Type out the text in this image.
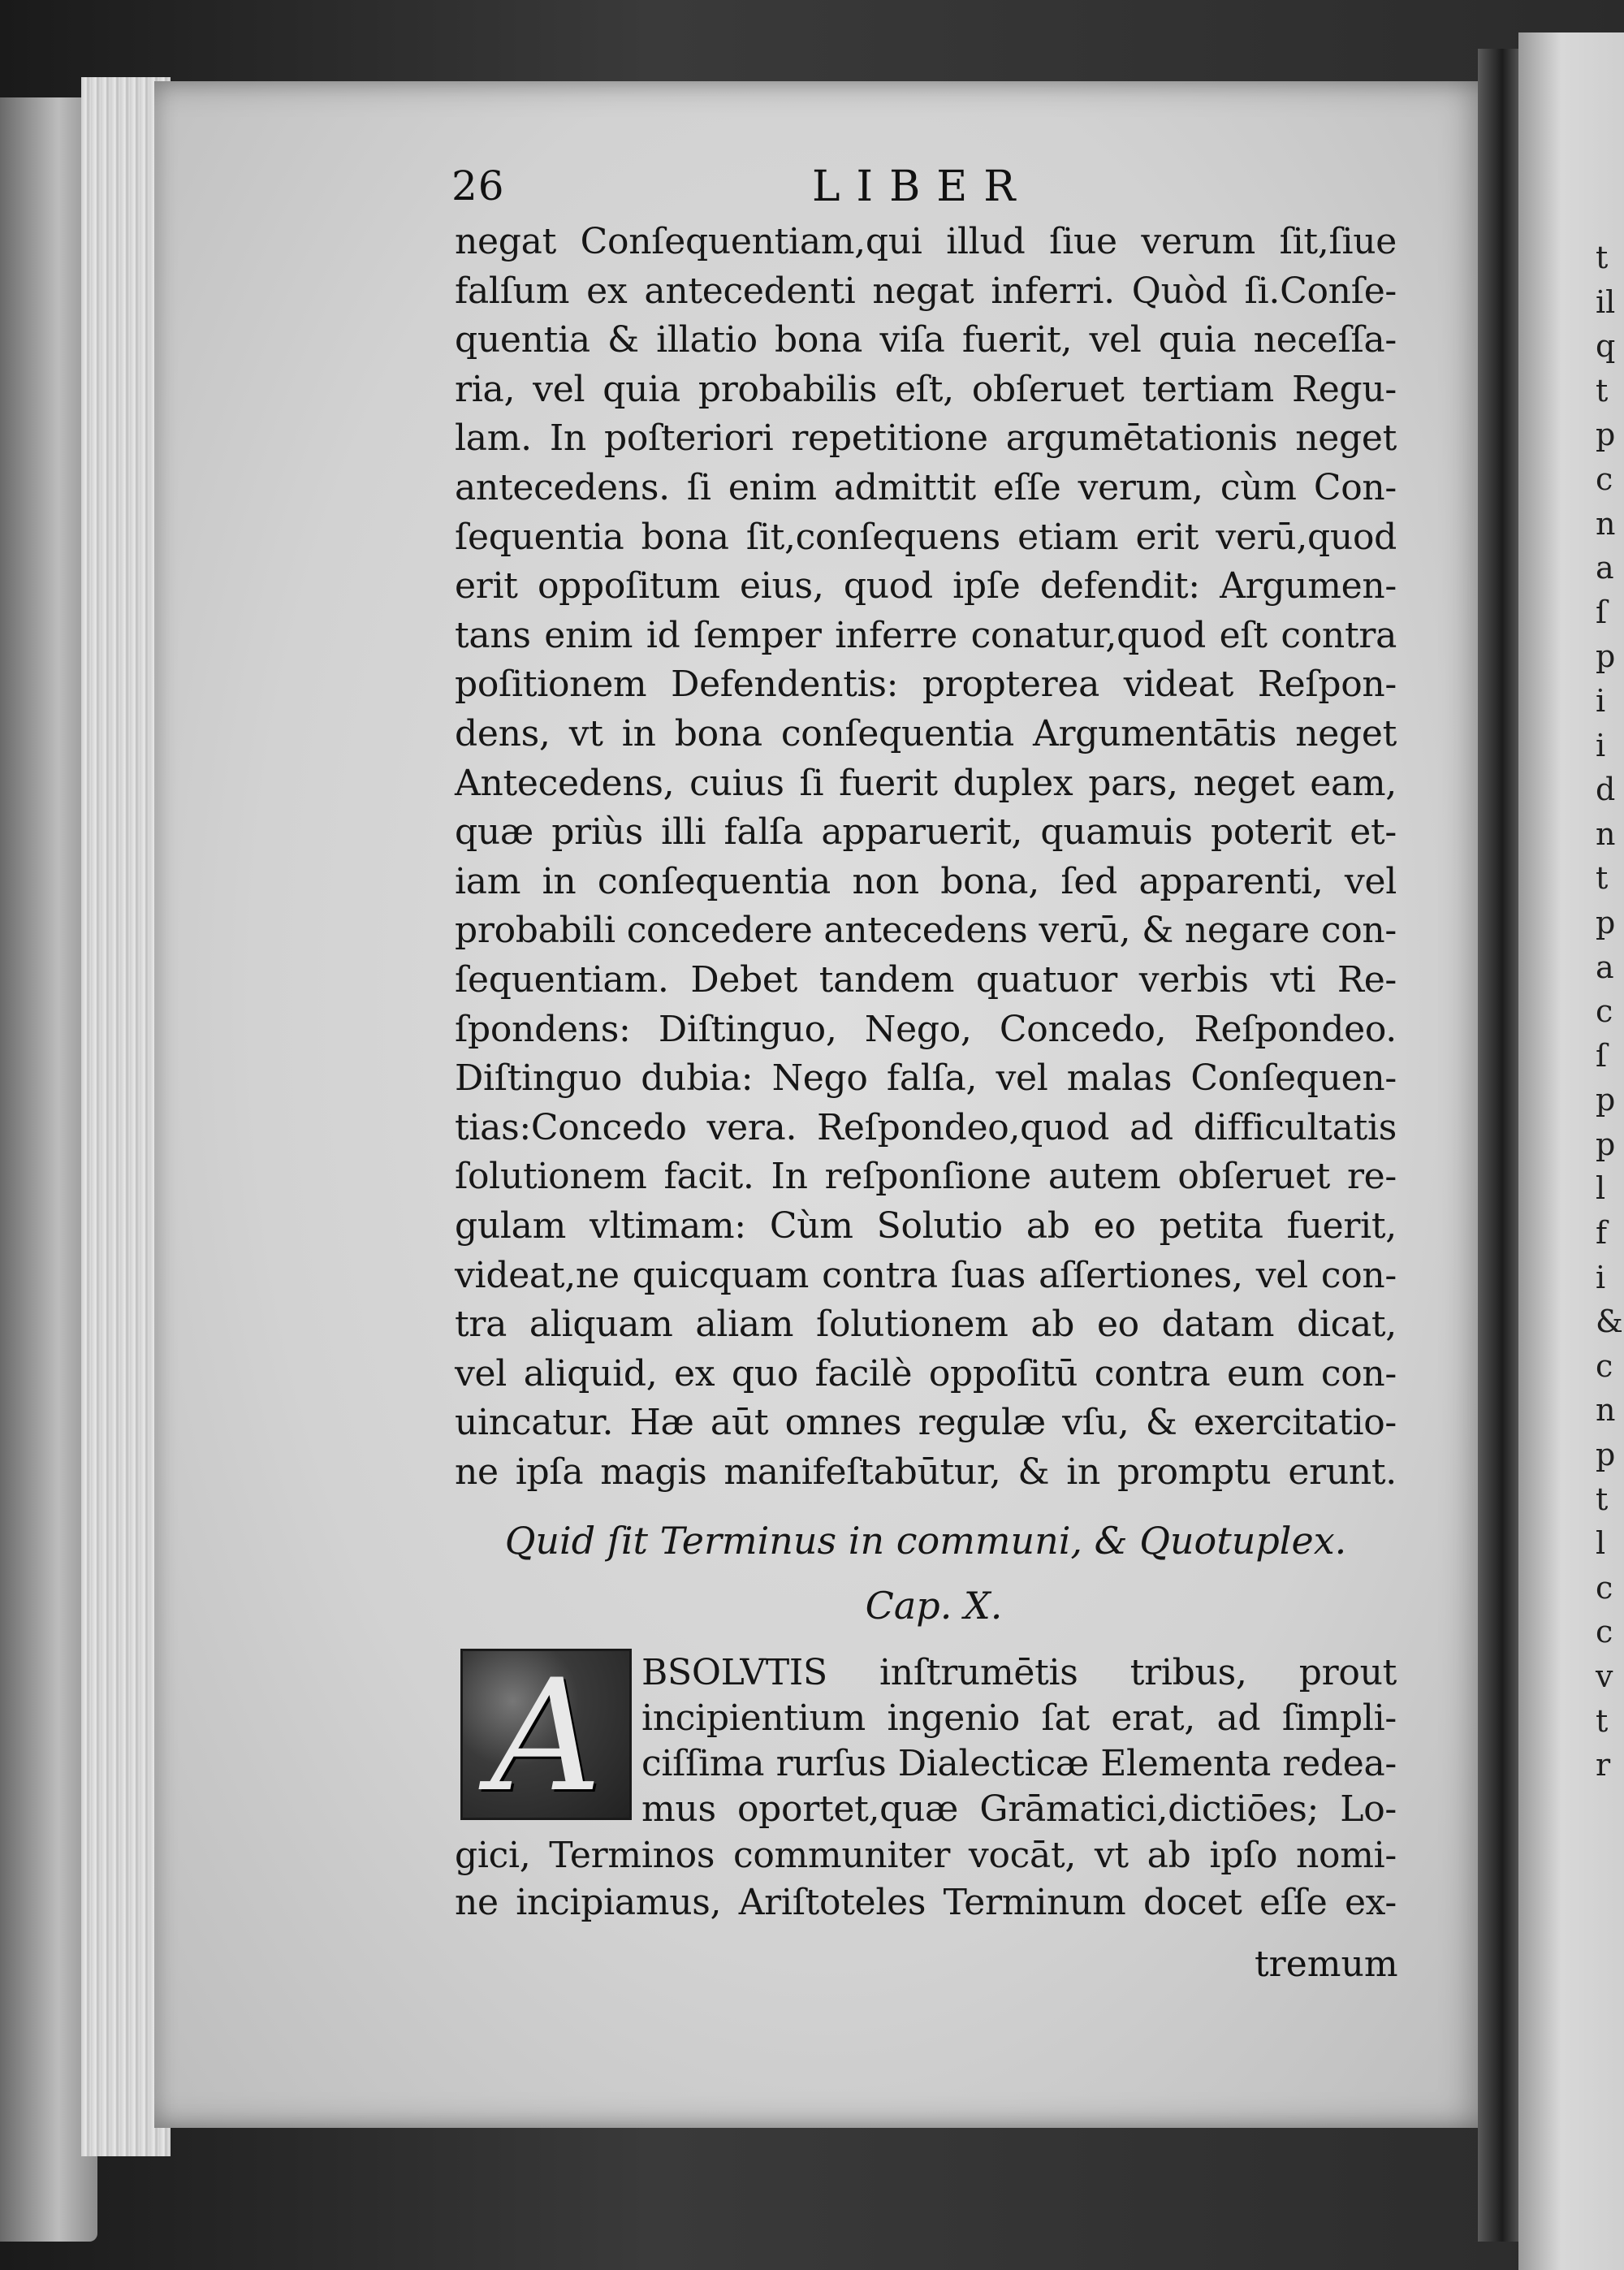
t
il
q
t
p
c
n
a
ſ
p
i
i
d
n
t
p
a
c
ſ
p
p
l
f
i
&
c
n
p
t
l
c
c
v
t
r
26	LIBER
negat Conſequentiam,qui illud ſiue verum ſit,ſiue
falſum ex antecedenti negat inferri. Quòd ſi.Conſe-
quentia & illatio bona viſa fuerit, vel quia neceſſa-
ria, vel quia probabilis eſt, obſeruet tertiam Regu-
lam. In poſteriori repetitione argumētationis neget
antecedens. ſi enim admittit eſſe verum, cùm Con-
ſequentia bona ſit,conſequens etiam erit verū,quod
erit oppoſitum eius, quod ipſe defendit: Argumen-
tans enim id ſemper inferre conatur,quod eſt contra
poſitionem Defendentis: propterea videat Reſpon-
dens, vt in bona conſequentia Argumentātis neget
Antecedens, cuius ſi fuerit duplex pars, neget eam,
quæ priùs illi falſa apparuerit, quamuis poterit et-
iam in conſequentia non bona, ſed apparenti, vel
probabili concedere antecedens verū, & negare con-
ſequentiam. Debet tandem quatuor verbis vti Re-
ſpondens: Diſtinguo, Nego, Concedo, Reſpondeo.
Diſtinguo dubia: Nego falſa, vel malas Conſequen-
tias:Concedo vera. Reſpondeo,quod ad difficultatis
ſolutionem facit. In reſponſione autem obſeruet re-
gulam vltimam: Cùm Solutio ab eo petita fuerit,
videat,ne quicquam contra ſuas aſſertiones, vel con-
tra aliquam aliam ſolutionem ab eo datam dicat,
vel aliquid, ex quo facilè oppoſitū contra eum con-
uincatur. Hæ aūt omnes regulæ vſu, & exercitatio-
ne ipſa magis manifeſtabūtur, & in promptu erunt.
Quid ſit Terminus in communi, & Quotuplex.
Cap. X.
A	BSOLVTIS inſtrumētis tribus, prout
incipientium ingenio ſat erat, ad ſimpli-
ciſſima rurſus Dialecticæ Elementa redea-
mus oportet,quæ Grāmatici,dictiōes; Lo-
gici, Terminos communiter vocāt, vt ab ipſo nomi-
ne incipiamus, Ariſtoteles Terminum docet eſſe ex-
tremum
